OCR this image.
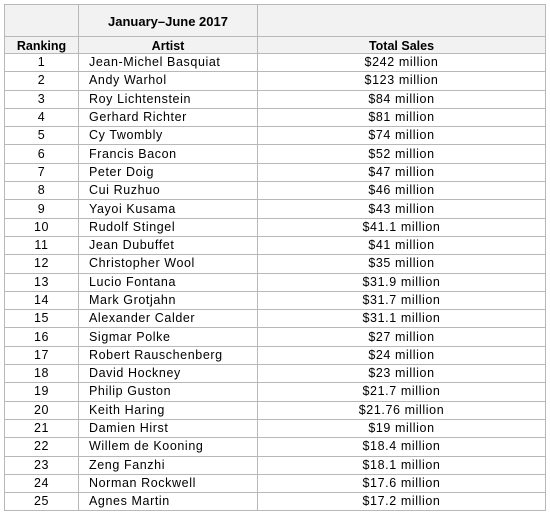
	January–June 2017	
Ranking	Artist	Total Sales
1	Jean-Michel Basquiat	$242 million
2	Andy Warhol	$123 million
3	Roy Lichtenstein	$84 million
4	Gerhard Richter	$81 million
5	Cy Twombly	$74 million
6	Francis Bacon	$52 million
7	Peter Doig	$47 million
8	Cui Ruzhuo	$46 million
9	Yayoi Kusama	$43 million
10	Rudolf Stingel	$41.1 million
11	Jean Dubuffet	$41 million
12	Christopher Wool	$35 million
13	Lucio Fontana	$31.9 million
14	Mark Grotjahn	$31.7 million
15	Alexander Calder	$31.1 million
16	Sigmar Polke	$27 million
17	Robert Rauschenberg	$24 million
18	David Hockney	$23 million
19	Philip Guston	$21.7 million
20	Keith Haring	$21.76 million
21	Damien Hirst	$19 million
22	Willem de Kooning	$18.4 million
23	Zeng Fanzhi	$18.1 million
24	Norman Rockwell	$17.6 million
25	Agnes Martin	$17.2 million
